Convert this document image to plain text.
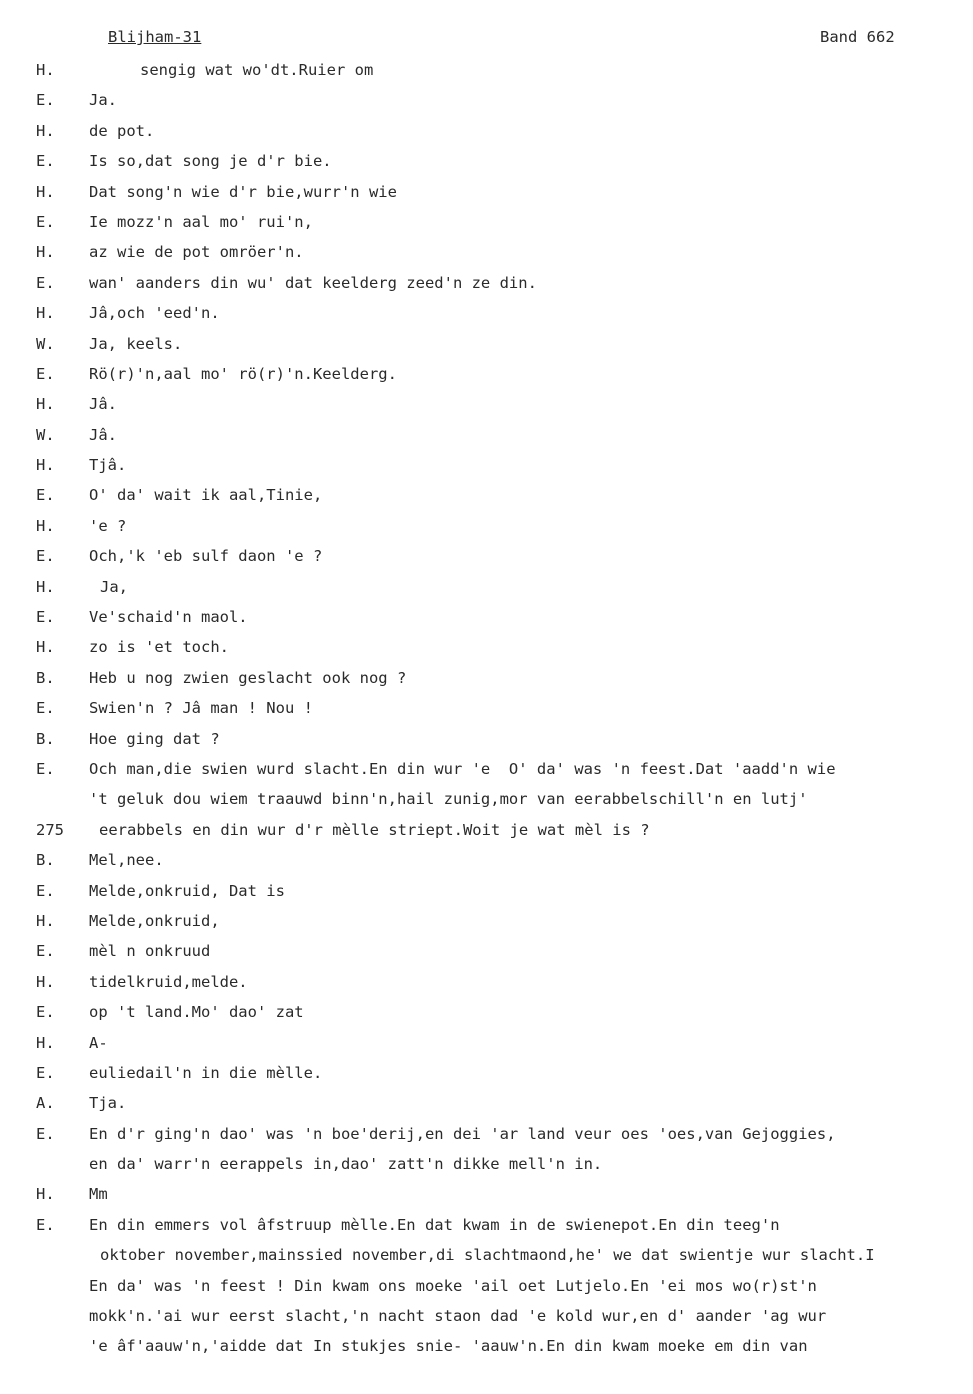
Blijham-31	Band 662
H.	sengig wat wo'dt.Ruier om
E. Ja.
H. de pot.
E. Is so,dat song je d'r bie.
H. Dat song'n wie d'r bie,wurr'n wie
E. Ie mozz'n aal mo' rui'n,
H. az wie de pot omröer'n.
E. wan' aanders din wu' dat keelderg zeed'n ze din.
H. Jâ,och 'eed'n.
W. Ja, keels.
E. Rö(r)'n,aal mo' rö(r)'n.Keelderg.
H. Jâ.
W. Jâ.
H. Tjâ.
E. O' da' wait ik aal,Tinie,
H. 'e ?
E. Och,'k 'eb sulf daon 'e ?
H.	Ja,
E. Ve'schaid'n maol.
H. zo is 'et toch.
B. Heb u nog zwien geslacht ook nog ?
E. Swien'n ? Jâ man ! Nou !
B. Hoe ging dat ?
E. Och man,die swien wurd slacht.En din wur 'e  O' da' was 'n feest.Dat 'aadd'n wie
't geluk dou wiem traauwd binn'n,hail zunig,mor van eerabbelschill'n en lutj'
275 eerabbels en din wur d'r mèlle striept.Woit je wat mèl is ?
B. Mel,nee.
E. Melde,onkruid, Dat is
H. Melde,onkruid,
E. mèl n onkruud
H. tidelkruid,melde.
E. op 't land.Mo' dao' zat
H. A-
E. euliedail'n in die mèlle.
A. Tja.
E. En d'r ging'n dao' was 'n boe'derij,en dei 'ar land veur oes 'oes,van Gejoggies,
en da' warr'n eerappels in,dao' zatt'n dikke mell'n in.
H. Mm
E. En din emmers vol âfstruup mèlle.En dat kwam in de swienepot.En din teeg'n
oktober november,mainssied november,di slachtmaond,he' we dat swientje wur slacht.I
En da' was 'n feest ! Din kwam ons moeke 'ail oet Lutjelo.En 'ei mos wo(r)st'n
mokk'n.'ai wur eerst slacht,'n nacht staon dad 'e kold wur,en d' aander 'ag wur
'e âf'aauw'n,'aidde dat In stukjes snie- 'aauw'n.En din kwam moeke em din van
